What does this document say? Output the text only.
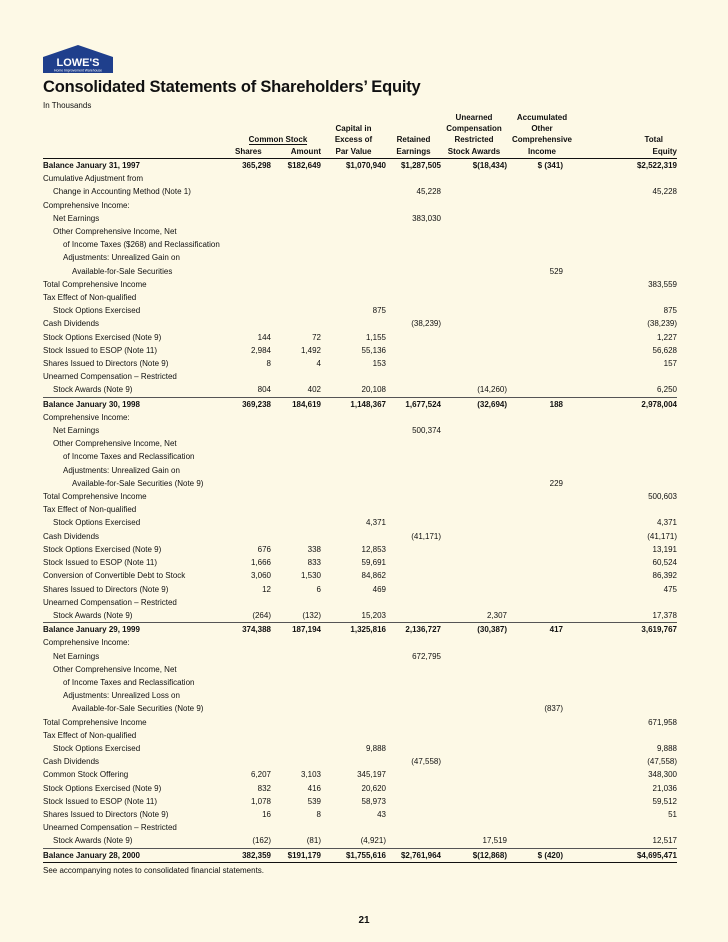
LOWE'S
Home Improvement Warehouse
Consolidated Statements of Shareholders’ Equity
In Thousands
					Unearned	Accumulated	
			Capital in		Compensation	Other	
	Common Stock		Excess of	Retained	Restricted	Comprehensive	Total
	Shares	Amount	Par Value	Earnings	Stock Awards	Income	Equity
Balance January 31, 1997	365,298	$182,649	$1,070,940	$1,287,505	$(18,434)	$ (341)	$2,522,319
Cumulative Adjustment from							
Change in Accounting Method (Note 1)				45,228			45,228
Comprehensive Income:							
Net Earnings				383,030			
Other Comprehensive Income, Net							
of Income Taxes ($268) and Reclassification							
Adjustments: Unrealized Gain on							
Available-for-Sale Securities						529	
Total Comprehensive Income							383,559
Tax Effect of Non-qualified							
Stock Options Exercised			875				875
Cash Dividends				(38,239)			(38,239)
Stock Options Exercised (Note 9)	144	72	1,155				1,227
Stock Issued to ESOP (Note 11)	2,984	1,492	55,136				56,628
Shares Issued to Directors (Note 9)	8	4	153				157
Unearned Compensation – Restricted							
Stock Awards (Note 9)	804	402	20,108		(14,260)		6,250
Balance January 30, 1998	369,238	184,619	1,148,367	1,677,524	(32,694)	188	2,978,004
Comprehensive Income:							
Net Earnings				500,374			
Other Comprehensive Income, Net							
of Income Taxes and Reclassification							
Adjustments: Unrealized Gain on							
Available-for-Sale Securities (Note 9)						229	
Total Comprehensive Income							500,603
Tax Effect of Non-qualified							
Stock Options Exercised			4,371				4,371
Cash Dividends				(41,171)			(41,171)
Stock Options Exercised (Note 9)	676	338	12,853				13,191
Stock Issued to ESOP (Note 11)	1,666	833	59,691				60,524
Conversion of Convertible Debt to Stock	3,060	1,530	84,862				86,392
Shares Issued to Directors (Note 9)	12	6	469				475
Unearned Compensation – Restricted							
Stock Awards (Note 9)	(264)	(132)	15,203		2,307		17,378
Balance January 29, 1999	374,388	187,194	1,325,816	2,136,727	(30,387)	417	3,619,767
Comprehensive Income:							
Net Earnings				672,795			
Other Comprehensive Income, Net							
of Income Taxes and Reclassification							
Adjustments: Unrealized Loss on							
Available-for-Sale Securities (Note 9)						(837)	
Total Comprehensive Income							671,958
Tax Effect of Non-qualified							
Stock Options Exercised			9,888				9,888
Cash Dividends				(47,558)			(47,558)
Common Stock Offering	6,207	3,103	345,197				348,300
Stock Options Exercised (Note 9)	832	416	20,620				21,036
Stock Issued to ESOP (Note 11)	1,078	539	58,973				59,512
Shares Issued to Directors (Note 9)	16	8	43				51
Unearned Compensation – Restricted							
Stock Awards (Note 9)	(162)	(81)	(4,921)		17,519		12,517
Balance January 28, 2000	382,359	$191,179	$1,755,616	$2,761,964	$(12,868)	$ (420)	$4,695,471
See accompanying notes to consolidated financial statements.
21
